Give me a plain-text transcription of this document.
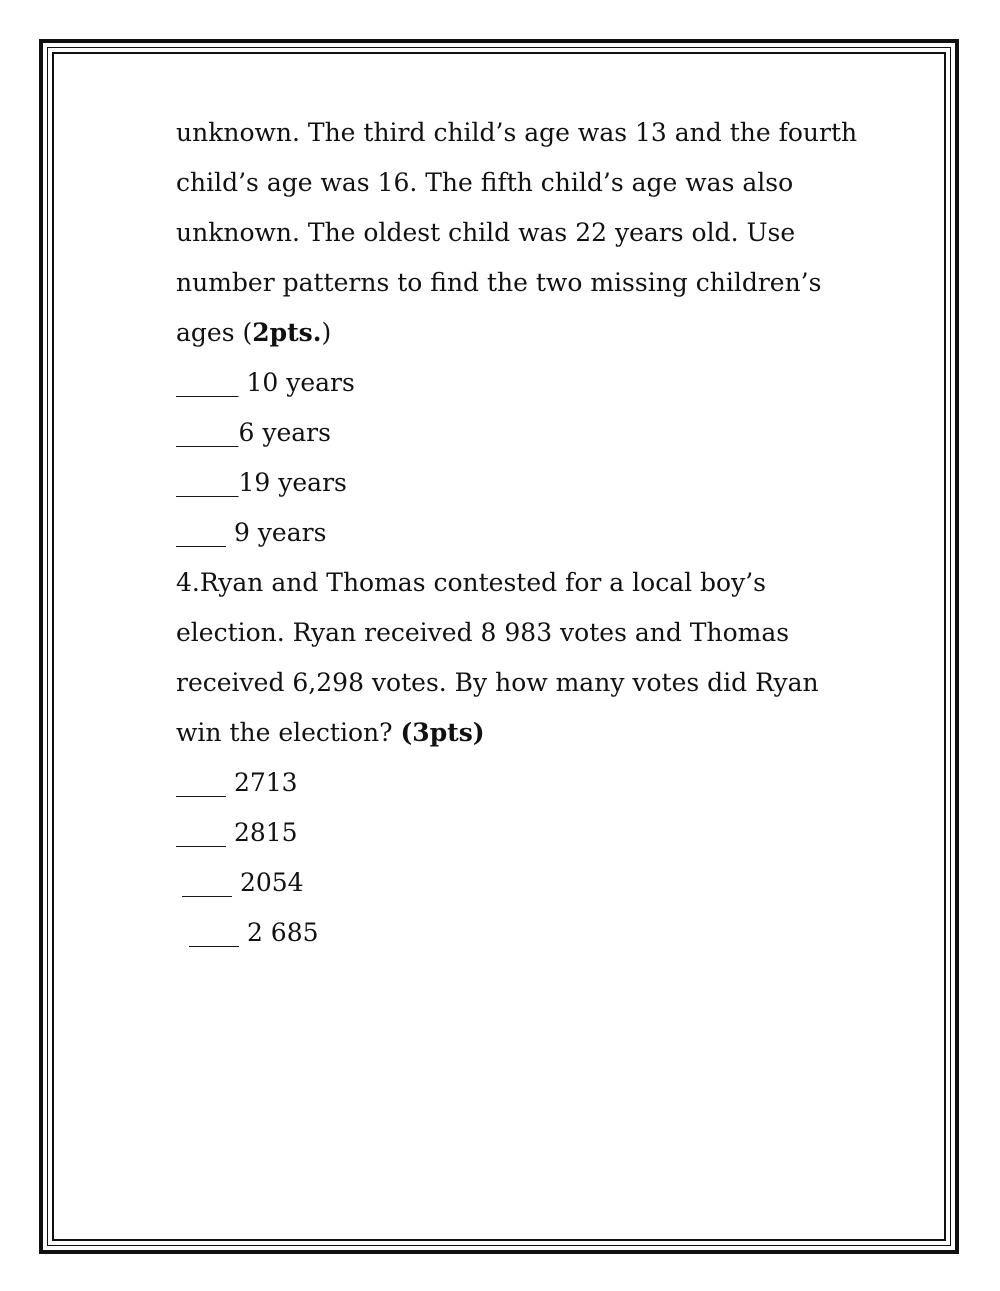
unknown. The third child’s age was 13 and the fourth
child’s age was 16. The fifth child’s age was also
unknown. The oldest child was 22 years old. Use
number patterns to find the two missing children’s
ages (2pts.)
_____ 10 years
_____6 years
_____19 years
____ 9 years
4.Ryan and Thomas contested for a local boy’s
election. Ryan received 8 983 votes and Thomas
received 6,298 votes. By how many votes did Ryan
win the election? (3pts)
____ 2713
____ 2815
____ 2054
____ 2 685
